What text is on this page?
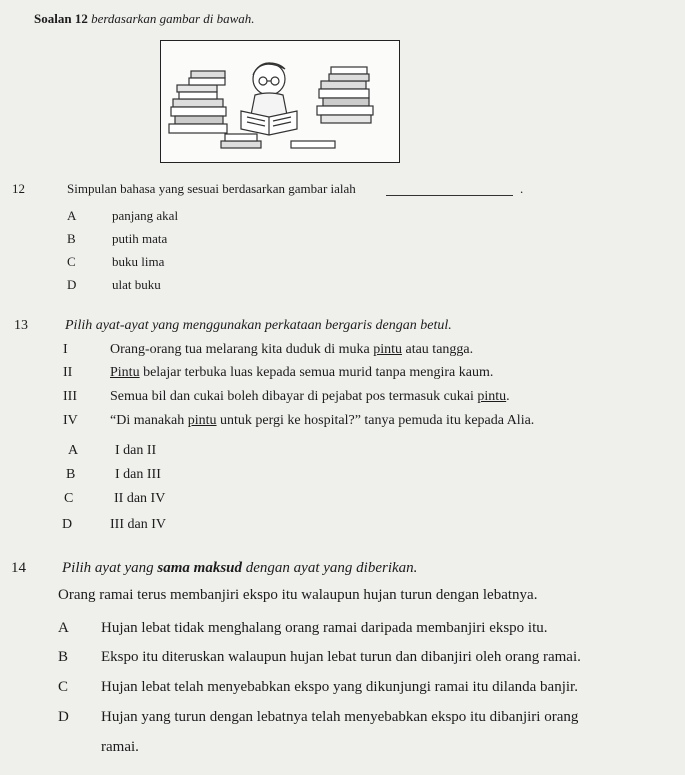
Soalan 12 berdasarkan gambar di bawah.
12	Simpulan bahasa yang sesuai berdasarkan gambar ialah	.
A	panjang akal
B	putih mata
C	buku lima
D	ulat buku
13	Pilih ayat-ayat yang menggunakan perkataan bergaris dengan betul.
I	Orang-orang tua melarang kita duduk di muka pintu atau tangga.
II	Pintu belajar terbuka luas kepada semua murid tanpa mengira kaum.
III Semua bil dan cukai boleh dibayar di pejabat pos termasuk cukai pintu.
IV “Di manakah pintu untuk pergi ke hospital?” tanya pemuda itu kepada Alia.
A	I dan II
B	I dan III
C	II dan IV
D	III dan IV
14 Pilih ayat yang sama maksud dengan ayat yang diberikan.
Orang ramai terus membanjiri ekspo itu walaupun hujan turun dengan lebatnya.
A Hujan lebat tidak menghalang orang ramai daripada membanjiri ekspo itu.
B Ekspo itu diteruskan walaupun hujan lebat turun dan dibanjiri oleh orang ramai.
C Hujan lebat telah menyebabkan ekspo yang dikunjungi ramai itu dilanda banjir.
D Hujan yang turun dengan lebatnya telah menyebabkan ekspo itu dibanjiri orang
ramai.
